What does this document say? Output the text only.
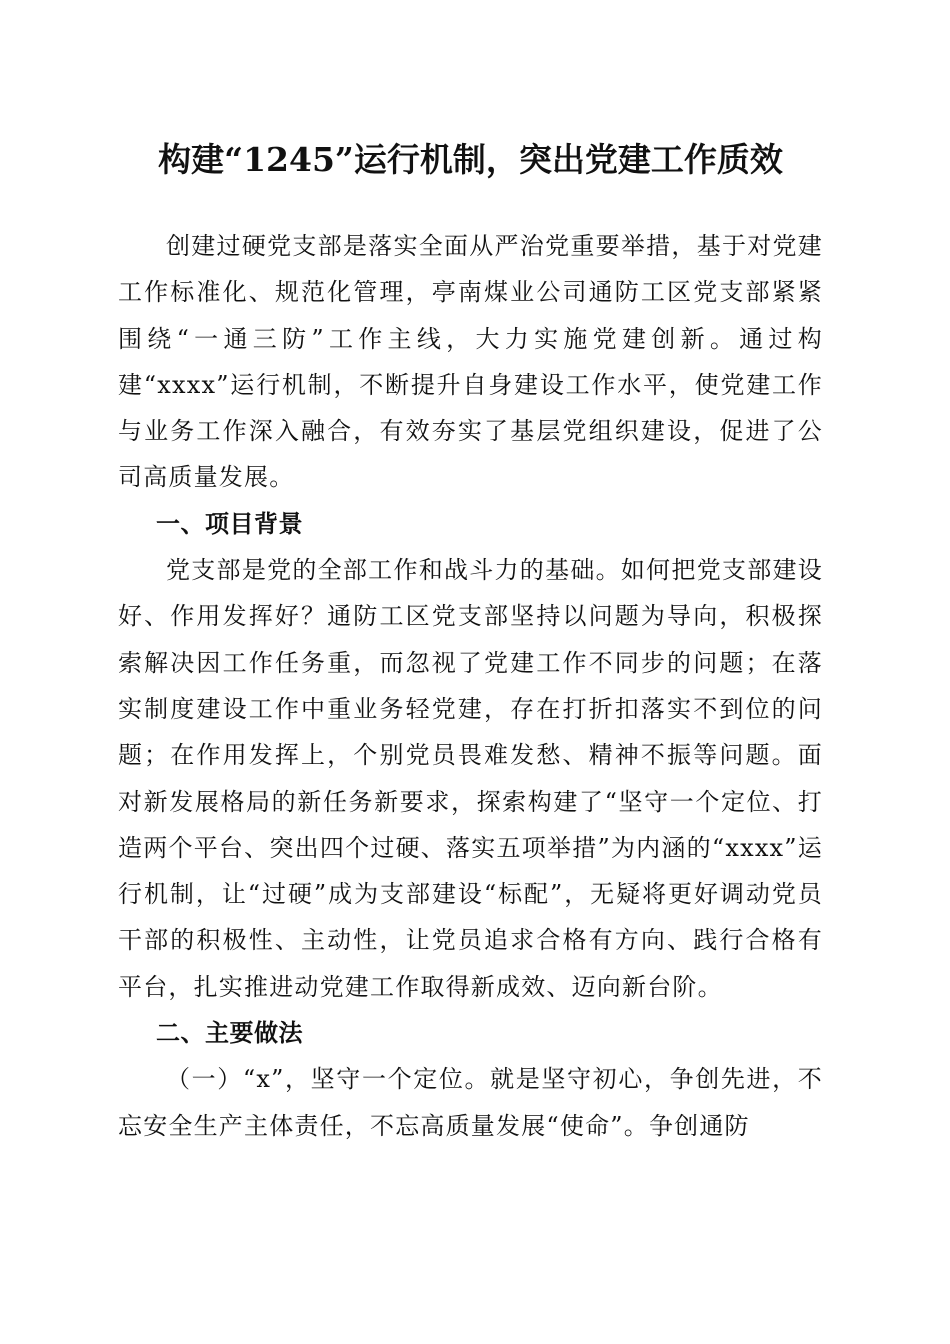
构建“1245”运行机制，突出党建工作质效

创建过硬党支部是落实全面从严治党重要举措，基于对党建工作标准化、规范化管理，亭南煤业公司通防工区党支部紧紧围绕“一通三防”工作主线，大力实施党建创新。通过构建“xxxx”运行机制，不断提升自身建设工作水平，使党建工作与业务工作深入融合，有效夯实了基层党组织建设，促进了公司高质量发展。

一、项目背景

党支部是党的全部工作和战斗力的基础。如何把党支部建设好、作用发挥好？通防工区党支部坚持以问题为导向，积极探索解决因工作任务重，而忽视了党建工作不同步的问题；在落实制度建设工作中重业务轻党建，存在打折扣落实不到位的问题；在作用发挥上，个别党员畏难发愁、精神不振等问题。面对新发展格局的新任务新要求，探索构建了“坚守一个定位、打造两个平台、突出四个过硬、落实五项举措”为内涵的“xxxx”运行机制，让“过硬”成为支部建设“标配”，无疑将更好调动党员干部的积极性、主动性，让党员追求合格有方向、践行合格有平台，扎实推进动党建工作取得新成效、迈向新台阶。

二、主要做法

（一）“x”，坚守一个定位。就是坚守初心，争创先进，不忘安全生产主体责任，不忘高质量发展“使命”。争创通防
